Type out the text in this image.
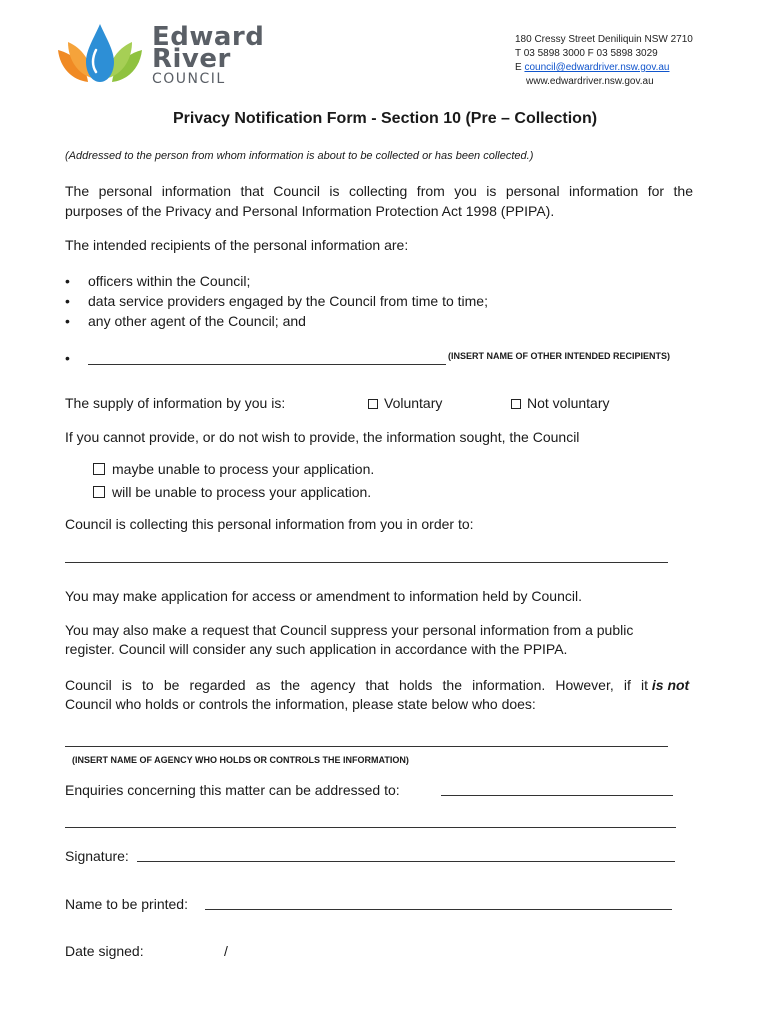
Edward
River
COUNCIL
180 Cressy Street Deniliquin NSW 2710
T 03 5898 3000 F 03 5898 3029
E council@edwardriver.nsw.gov.au
www.edwardriver.nsw.gov.au
Privacy Notification Form - Section 10 (Pre – Collection)
(Addressed to the person from whom information is about to be collected or has been collected.)
The personal information that Council is collecting from you is personal information for the
purposes of the Privacy and Personal Information Protection Act 1998 (PPIPA).
The intended recipients of the personal information are:
• officers within the Council;
• data service providers engaged by the Council from time to time;
• any other agent of the Council; and
•	(INSERT NAME OF OTHER INTENDED RECIPIENTS)
The supply of information by you is:	Voluntary	Not voluntary
If you cannot provide, or do not wish to provide, the information sought, the Council
maybe unable to process your application.
will be unable to process your application.
Council is collecting this personal information from you in order to:
You may make application for access or amendment to information held by Council.
You may also make a request that Council suppress your personal information from a public
register. Council will consider any such application in accordance with the PPIPA.
Council is to be regarded as the agency that holds the information. However, if it is not
Council who holds or controls the information, please state below who does:
(INSERT NAME OF AGENCY WHO HOLDS OR CONTROLS THE INFORMATION)
Enquiries concerning this matter can be addressed to:
Signature:
Name to be printed:
Date signed:	/
